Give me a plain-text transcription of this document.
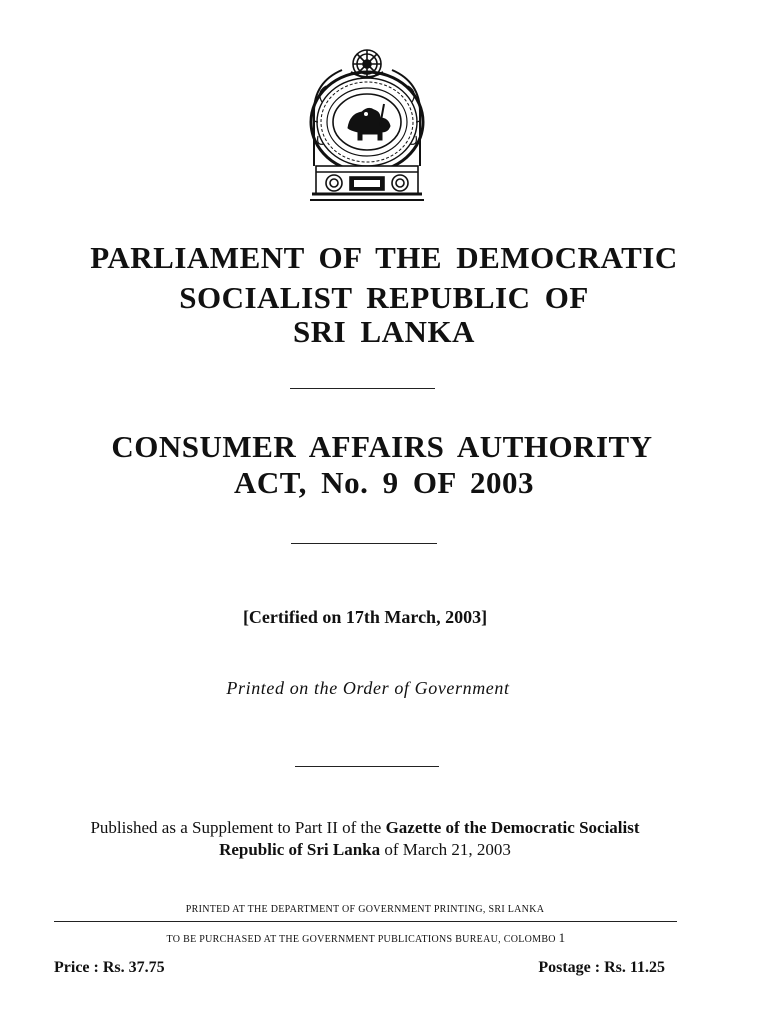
PARLIAMENT OF THE DEMOCRATIC
SOCIALIST REPUBLIC OF
SRI LANKA
CONSUMER AFFAIRS AUTHORITY
ACT, No. 9 OF 2003
[Certified on 17th March, 2003]
Printed on the Order of Government
Published as a Supplement to Part II of the Gazette of the Democratic Socialist
Republic of Sri Lanka of March 21, 2003
PRINTED AT THE DEPARTMENT OF GOVERNMENT PRINTING, SRI LANKA
TO BE PURCHASED AT THE GOVERNMENT PUBLICATIONS BUREAU, COLOMBO 1
Price : Rs. 37.75	Postage : Rs. 11.25
